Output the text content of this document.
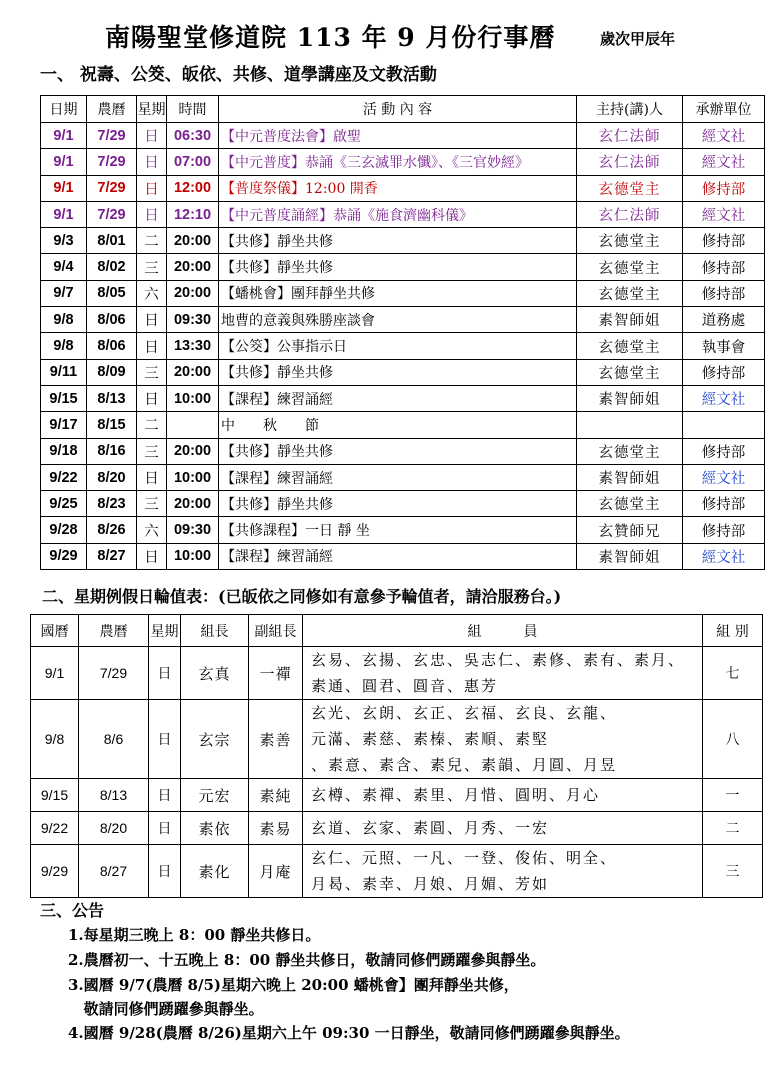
南陽聖堂修道院 113 年 9 月份行事曆	歲次甲辰年
一、 祝壽、公筊、皈依、共修、道學講座及文教活動
日期	農曆	星期	時間	活 動 內 容	主持(講)人	承辦單位
9/1	7/29	日	06:30	【中元普度法會】啟聖	玄仁法師	經文社
9/1	7/29	日	07:00	【中元普度】恭誦《三玄滅罪水懺》、《三官妙經》	玄仁法師	經文社
9/1	7/29	日	12:00	【普度祭儀】12:00 開香	玄德堂主	修持部
9/1	7/29	日	12:10	【中元普度誦經】恭誦《施食濟幽科儀》	玄仁法師	經文社
9/3	8/01	二	20:00	【共修】靜坐共修	玄德堂主	修持部
9/4	8/02	三	20:00	【共修】靜坐共修	玄德堂主	修持部
9/7	8/05	六	20:00	【蟠桃會】團拜靜坐共修	玄德堂主	修持部
9/8	8/06	日	09:30	地曹的意義與殊勝座談會	素智師姐	道務處
9/8	8/06	日	13:30	【公筊】公事指示日	玄德堂主	執事會
9/11	8/09	三	20:00	【共修】靜坐共修	玄德堂主	修持部
9/15	8/13	日	10:00	【課程】練習誦經	素智師姐	經文社
9/17	8/15	二		中　　秋　　節		
9/18	8/16	三	20:00	【共修】靜坐共修	玄德堂主	修持部
9/22	8/20	日	10:00	【課程】練習誦經	素智師姐	經文社
9/25	8/23	三	20:00	【共修】靜坐共修	玄德堂主	修持部
9/28	8/26	六	09:30	【共修課程】一日 靜 坐	玄贊師兄	修持部
9/29	8/27	日	10:00	【課程】練習誦經	素智師姐	經文社
二、星期例假日輪值表：(已皈依之同修如有意參予輪值者，請洽服務台。)
國曆	農曆	星期	組長	副組長	組　　　員	組 別
9/1	7/29	日	玄真	一禪	玄易、玄揚、玄忠、吳志仁、素修、素有、素月、
素通、圓君、圓音、惠芳	七
9/8	8/6	日	玄宗	素善	玄光、玄朗、玄正、玄福、玄良、玄龍、
元滿、素慈、素榛、素順、素堅
、素意、素含、素兒、素韻、月圓、月昱	八
9/15	8/13	日	元宏	素純	玄樽、素禪、素里、月惜、圓明、月心	一
9/22	8/20	日	素依	素易	玄道、玄家、素圓、月秀、一宏	二
9/29	8/27	日	素化	月庵	玄仁、元照、一凡、一登、俊佑、明全、
月曷、素幸、月娘、月媚、芳如	三
三、公告
1.每星期三晚上 8：00 靜坐共修日。
2.農曆初一、十五晚上 8：00 靜坐共修日，敬請同修們踴躍參與靜坐。
3.國曆 9/7(農曆 8/5)星期六晚上 20:00 蟠桃會】團拜靜坐共修，
敬請同修們踴躍參與靜坐。
4.國曆 9/28(農曆 8/26)星期六上午 09:30 一日靜坐，敬請同修們踴躍參與靜坐。
